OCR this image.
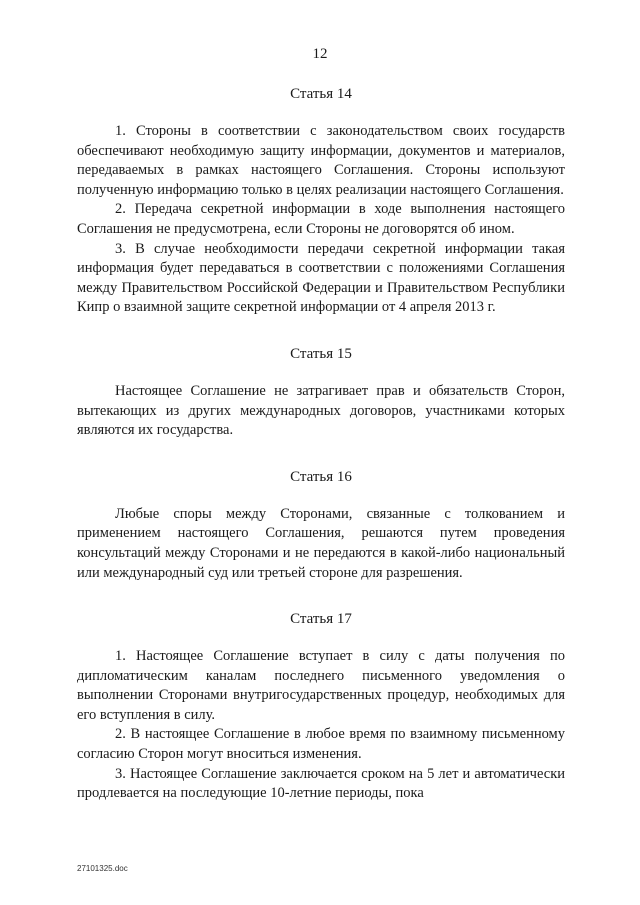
12

Статья 14

1. Стороны в соответствии с законодательством своих государств обеспечивают необходимую защиту информации, документов и материалов, передаваемых в рамках настоящего Соглашения. Стороны используют полученную информацию только в целях реализации настоящего Соглашения.

2. Передача секретной информации в ходе выполнения настоящего Соглашения не предусмотрена, если Стороны не договорятся об ином.

3. В случае необходимости передачи секретной информации такая информация будет передаваться в соответствии с положениями Соглашения между Правительством Российской Федерации и Правительством Республики Кипр о взаимной защите секретной информации от 4 апреля 2013 г.

Статья 15

Настоящее Соглашение не затрагивает прав и обязательств Сторон, вытекающих из других международных договоров, участниками которых являются их государства.

Статья 16

Любые споры между Сторонами, связанные с толкованием и применением настоящего Соглашения, решаются путем проведения консультаций между Сторонами и не передаются в какой-либо национальный или международный суд или третьей стороне для разрешения.

Статья 17

1. Настоящее Соглашение вступает в силу с даты получения по дипломатическим каналам последнего письменного уведомления о выполнении Сторонами внутригосударственных процедур, необходимых для его вступления в силу.

2. В настоящее Соглашение в любое время по взаимному письменному согласию Сторон могут вноситься изменения.

3. Настоящее Соглашение заключается сроком на 5 лет и автоматически продлевается на последующие 10-летние периоды, пока

27101325.doc
